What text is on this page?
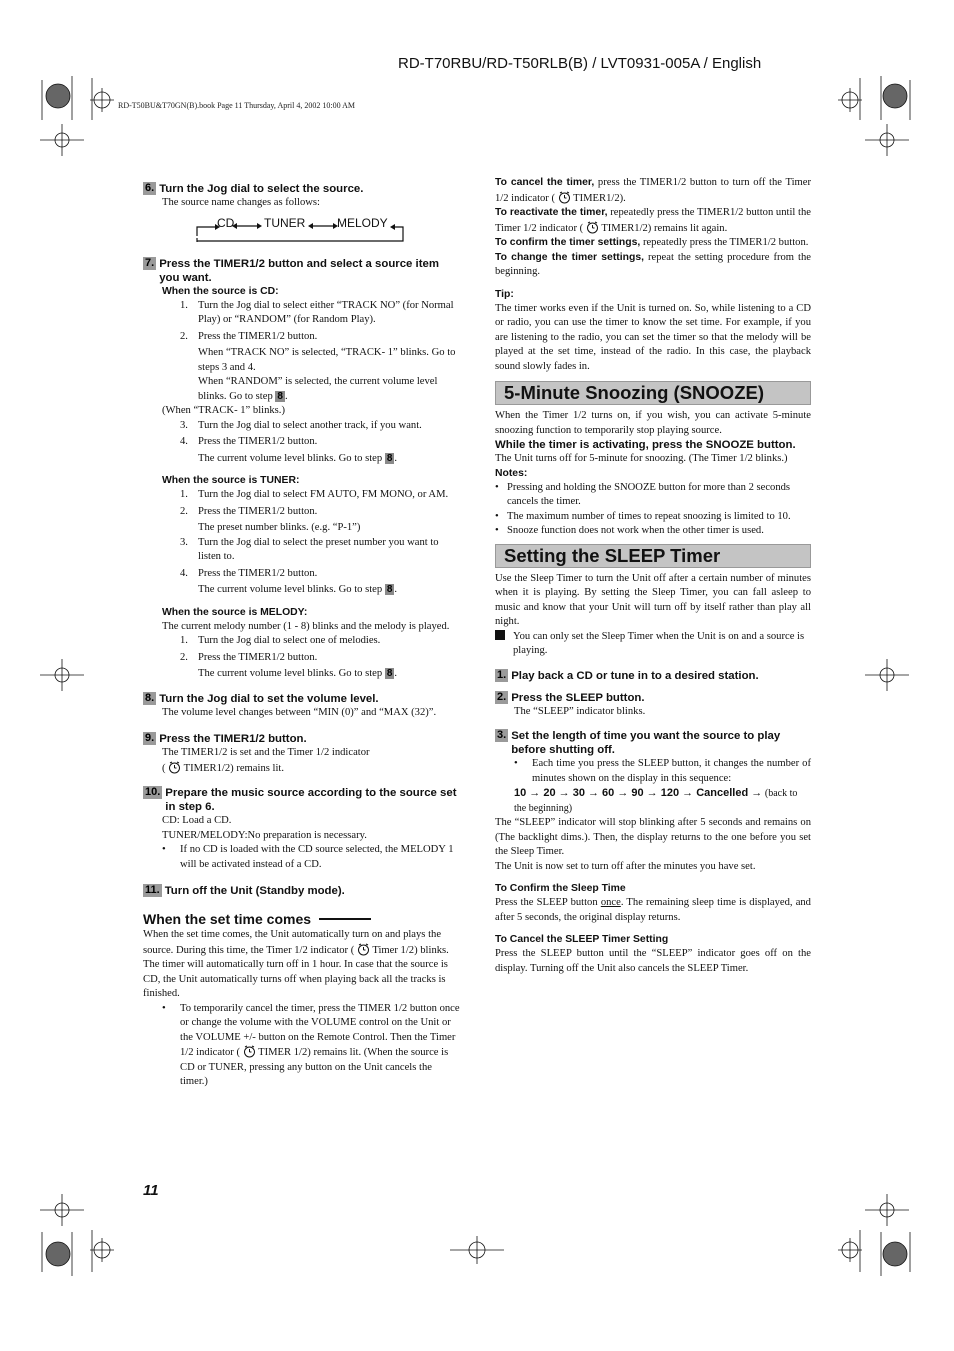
RD-T70RBU/RD-T50RLB(B) / LVT0931-005A / English
RD-T50BU&T70GN(B).book Page 11 Thursday, April 4, 2002 10:00 AM
6. Turn the Jog dial to select the source.
The source name changes as follows:
CD TUNER	MELODY
7. Press the TIMER1/2 button and select a source item you want.
When the source is CD:
1. Turn the Jog dial to select either “TRACK NO” (for Normal Play) or “RANDOM” (for Random Play).
2. Press the TIMER1/2 button.
When “TRACK NO” is selected, “TRACK- 1” blinks. Go to steps 3 and 4.
When “RANDOM” is selected, the current volume level blinks. Go to step 8 .
(When “TRACK- 1” blinks.)
3. Turn the Jog dial to select another track, if you want.
4. Press the TIMER1/2 button.
The current volume level blinks. Go to step 8 .
When the source is TUNER:
1. Turn the Jog dial to select FM AUTO, FM MONO, or AM.
2. Press the TIMER1/2 button.
The preset number blinks. (e.g. “P-1”)
3. Turn the Jog dial to select the preset number you want to listen to.
4. Press the TIMER1/2 button.
The current volume level blinks. Go to step 8 .
When the source is MELODY:
The current melody number (1 - 8) blinks and the melody is played.
1. Turn the Jog dial to select one of melodies.
2. Press the TIMER1/2 button.
The current volume level blinks. Go to step 8 .
8. Turn the Jog dial to set the volume level.
The volume level changes between “MIN (0)” and “MAX (32)”.
9. Press the TIMER1/2 button.
The TIMER1/2 is set and the Timer 1/2 indicator
(  TIMER1/2) remains lit.
10. Prepare the music source according to the source set in step 6.
CD: Load a CD.
TUNER/MELODY:No preparation is necessary.
•	If no CD is loaded with the CD source selected, the MELODY 1 will be activated instead of a CD.
11. Turn off the Unit (Standby mode).
When the set time comes
When the set time comes, the Unit automatically turn on and plays the source. During this time, the Timer 1/2 indicator ( Timer 1/2) blinks. The timer will automatically turn off in 1 hour. In case that the source is CD, the Unit automatically turns off when playing back all the tracks is finished.
•	To temporarily cancel the timer, press the TIMER 1/2 button once or change the volume with the VOLUME control on the Unit or the VOLUME +/- button on the Remote Control. Then the Timer 1/2 indicator ( TIMER 1/2) remains lit. (When the source is CD or TUNER, pressing any button on the Unit cancels the timer.)
To cancel the timer, press the TIMER1/2 button to turn off the Timer 1/2 indicator ( TIMER1/2).
To reactivate the timer, repeatedly press the TIMER1/2 button until the Timer 1/2 indicator ( TIMER1/2) remains lit again.
To confirm the timer settings, repeatedly press the TIMER1/2 button.
To change the timer settings, repeat the setting procedure from the beginning.
Tip:
The timer works even if the Unit is turned on. So, while listening to a CD or radio, you can use the timer to know the set time. For example, if you are listening to the radio, you can set the timer so that the melody will be played at the set time, instead of the radio. In this case, the playback sound slowly fades in.
5-Minute Snoozing (SNOOZE)
When the Timer 1/2 turns on, if you wish, you can activate 5-minute snoozing function to temporarily stop playing source.
While the timer is activating, press the SNOOZE button.
The Unit turns off for 5-minute for snoozing. (The Timer 1/2 blinks.)
Notes:
• Pressing and holding the SNOOZE button for more than 2 seconds cancels the timer.
• The maximum number of times to repeat snoozing is limited to 10.
• Snooze function does not work when the other timer is used.
Setting the SLEEP Timer
Use the Sleep Timer to turn the Unit off after a certain number of minutes when it is playing. By setting the Sleep Timer, you can fall asleep to music and know that your Unit will turn off by itself rather than play all night.
You can only set the Sleep Timer when the Unit is on and a source is playing.
1. Play back a CD or tune in to a desired station.
2. Press the SLEEP button.
The “SLEEP” indicator blinks.
3. Set the length of time you want the source to play before shutting off.
•	Each time you press the SLEEP button, it changes the number of minutes shown on the display in this sequence:
10 → 20 → 30 → 60 → 90 → 120 → Cancelled → (back to the beginning)
The “SLEEP” indicator will stop blinking after 5 seconds and remains on (The backlight dims.). Then, the display returns to the one before you set the Sleep Timer.
The Unit is now set to turn off after the minutes you have set.
To Confirm the Sleep Time
Press the SLEEP button once. The remaining sleep time is displayed, and after 5 seconds, the original display returns.
To Cancel the SLEEP Timer Setting
Press the SLEEP button until the “SLEEP” indicator goes off on the display. Turning off the Unit also cancels the SLEEP Timer.
11
